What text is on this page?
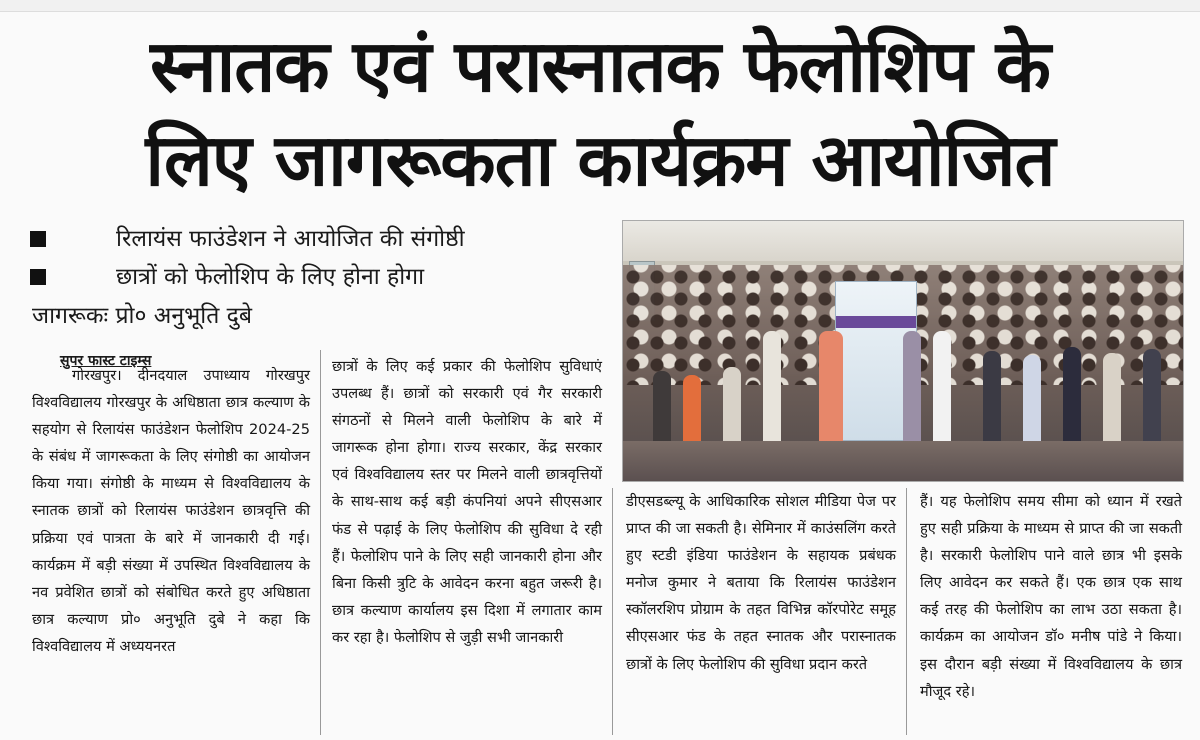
स्नातक एवं परास्नातक फेलोशिप के
लिए जागरूकता कार्यक्रम आयोजित
रिलायंस फाउंडेशन ने आयोजित की संगोष्ठी
छात्रों को फेलोशिप के लिए होना होगा
जागरूकः प्रो० अनुभूति दुबे
सुपर फास्ट टाइम्स
गोरखपुर। दीनदयाल उपाध्याय गोरखपुर विश्वविद्यालय गोरखपुर के अधिष्ठाता छात्र कल्याण के सहयोग से रिलायंस फाउंडेशन फेलोशिप 2024-25 के संबंध में जागरूकता के लिए संगोष्ठी का आयोजन किया गया। संगोष्ठी के माध्यम से विश्वविद्यालय के स्नातक छात्रों को रिलायंस फाउंडेशन छात्रवृत्ति की प्रक्रिया एवं पात्रता के बारे में जानकारी दी गई। कार्यक्रम में बड़ी संख्या में उपस्थित विश्वविद्यालय के नव प्रवेशित छात्रों को संबोधित करते हुए अधिष्ठाता छात्र कल्याण प्रो० अनुभूति दुबे ने कहा कि विश्वविद्यालय में अध्ययनरत
छात्रों के लिए कई प्रकार की फेलोशिप सुविधाएं उपलब्ध हैं। छात्रों को सरकारी एवं गैर सरकारी संगठनों से मिलने वाली फेलोशिप के बारे में जागरूक होना होगा। राज्य सरकार, केंद्र सरकार एवं विश्वविद्यालय स्तर पर मिलने वाली छात्रवृत्तियों के साथ-साथ कई बड़ी कंपनियां अपने सीएसआर फंड से पढ़ाई के लिए फेलोशिप की सुविधा दे रही हैं। फेलोशिप पाने के लिए सही जानकारी होना और बिना किसी त्रुटि के आवेदन करना बहुत जरूरी है। छात्र कल्याण कार्यालय इस दिशा में लगातार काम कर रहा है। फेलोशिप से जुड़ी सभी जानकारी
डीएसडब्ल्यू के आधिकारिक सोशल मीडिया पेज पर प्राप्त की जा सकती है। सेमिनार में काउंसलिंग करते हुए स्टडी इंडिया फाउंडेशन के सहायक प्रबंधक मनोज कुमार ने बताया कि रिलायंस फाउंडेशन स्कॉलरशिप प्रोग्राम के तहत विभिन्न कॉरपोरेट समूह सीएसआर फंड के तहत स्नातक और परास्नातक छात्रों के लिए फेलोशिप की सुविधा प्रदान करते
हैं। यह फेलोशिप समय सीमा को ध्यान में रखते हुए सही प्रक्रिया के माध्यम से प्राप्त की जा सकती है। सरकारी फेलोशिप पाने वाले छात्र भी इसके लिए आवेदन कर सकते हैं। एक छात्र एक साथ कई तरह की फेलोशिप का लाभ उठा सकता है। कार्यक्रम का आयोजन डॉ० मनीष पांडे ने किया। इस दौरान बड़ी संख्या में विश्वविद्यालय के छात्र मौजूद रहे।
